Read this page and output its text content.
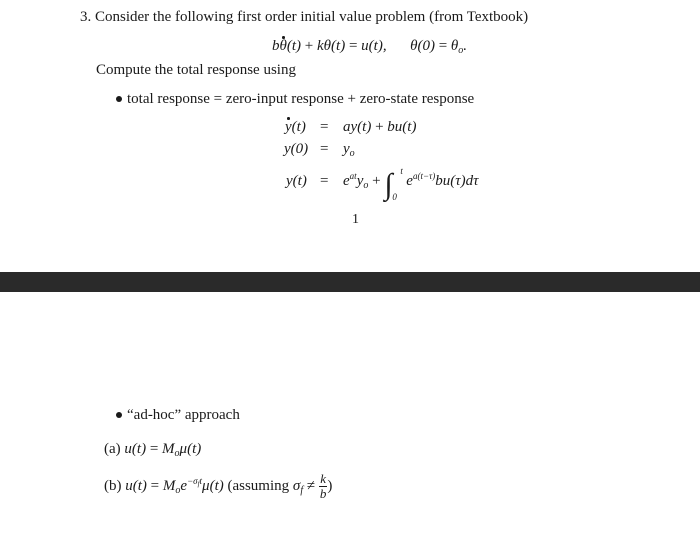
3. Consider the following first order initial value problem (from Textbook)
bθ(t) + kθ(t) = u(t), $\theta(0) = \theta_o$.
Compute the total response using
total response = zero-input response + zero-state response
y(t) = ay(t) + bu(t)
$y(0) = y_o$
$y(t) = e^{at}y_o$ + ∫ t
0
$e^{a(t-\tau)}bu(\tau)d\tau$
1
“ad-hoc” approach
(a) $u(t) = M_o\mu(t)$
(b) $u(t) = M_oe^{-\sigma_ft}\mu(t)$ (assuming $\sigma_f \ne \frac{k}{b}$ )
